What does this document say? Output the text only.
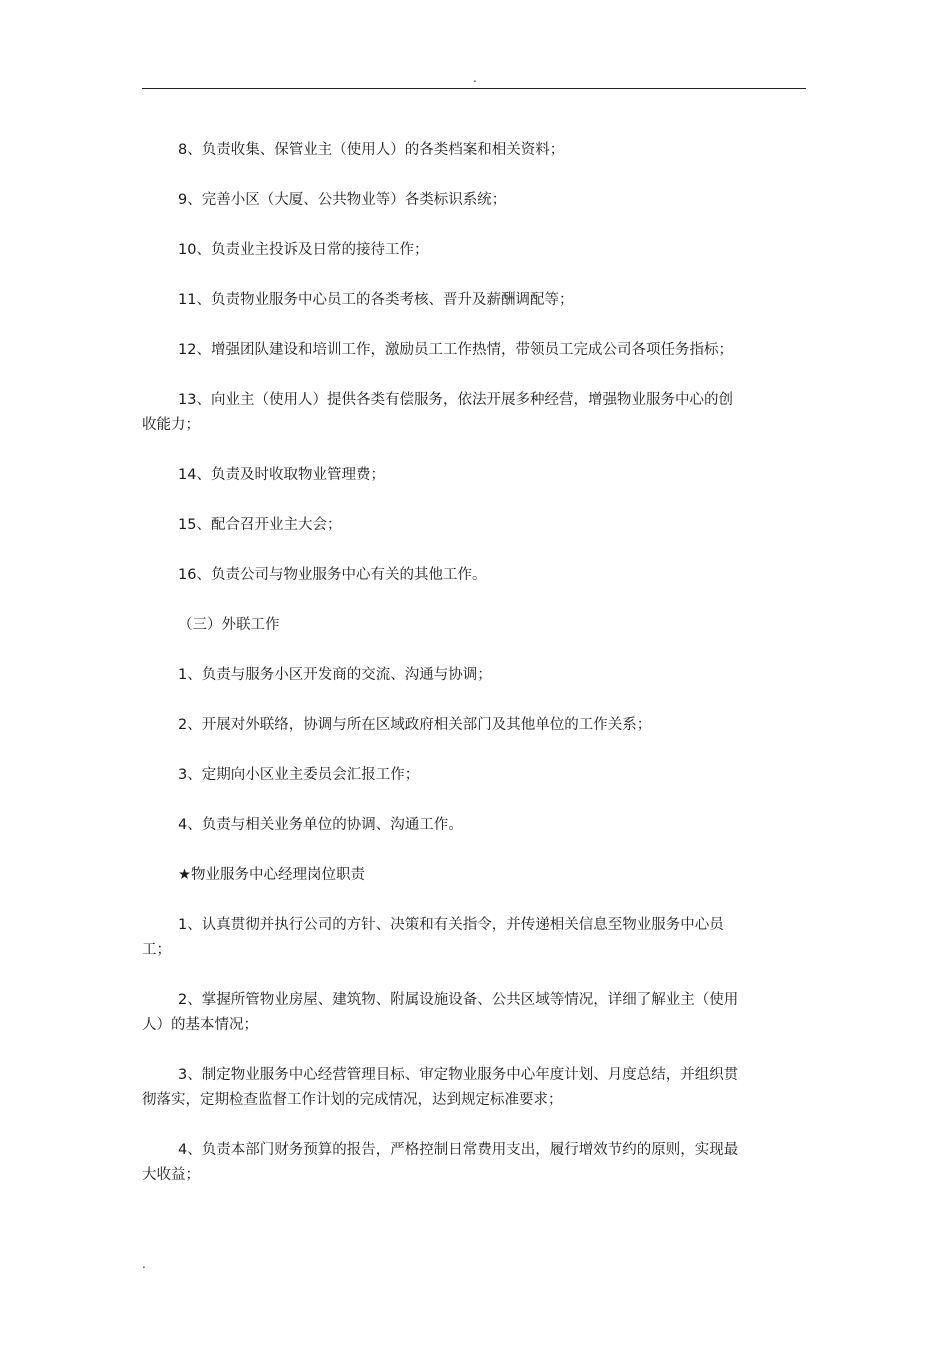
.

8、负责收集、保管业主（使用人）的各类档案和相关资料；

9、完善小区（大厦、公共物业等）各类标识系统；

10、负责业主投诉及日常的接待工作；

11、负责物业服务中心员工的各类考核、晋升及薪酬调配等；

12、增强团队建设和培训工作，激励员工工作热情，带领员工完成公司各项任务指标；

13、向业主（使用人）提供各类有偿服务，依法开展多种经营，增强物业服务中心的创收能力；

14、负责及时收取物业管理费；

15、配合召开业主大会；

16、负责公司与物业服务中心有关的其他工作。

（三）外联工作

1、负责与服务小区开发商的交流、沟通与协调；

2、开展对外联络，协调与所在区域政府相关部门及其他单位的工作关系；

3、定期向小区业主委员会汇报工作；

4、负责与相关业务单位的协调、沟通工作。

★物业服务中心经理岗位职责

1、认真贯彻并执行公司的方针、决策和有关指令，并传递相关信息至物业服务中心员工；

2、掌握所管物业房屋、建筑物、附属设施设备、公共区域等情况，详细了解业主（使用人）的基本情况；

3、制定物业服务中心经营管理目标、审定物业服务中心年度计划、月度总结，并组织贯彻落实，定期检查监督工作计划的完成情况，达到规定标准要求；

4、负责本部门财务预算的报告，严格控制日常费用支出，履行增效节约的原则，实现最大收益；

.
